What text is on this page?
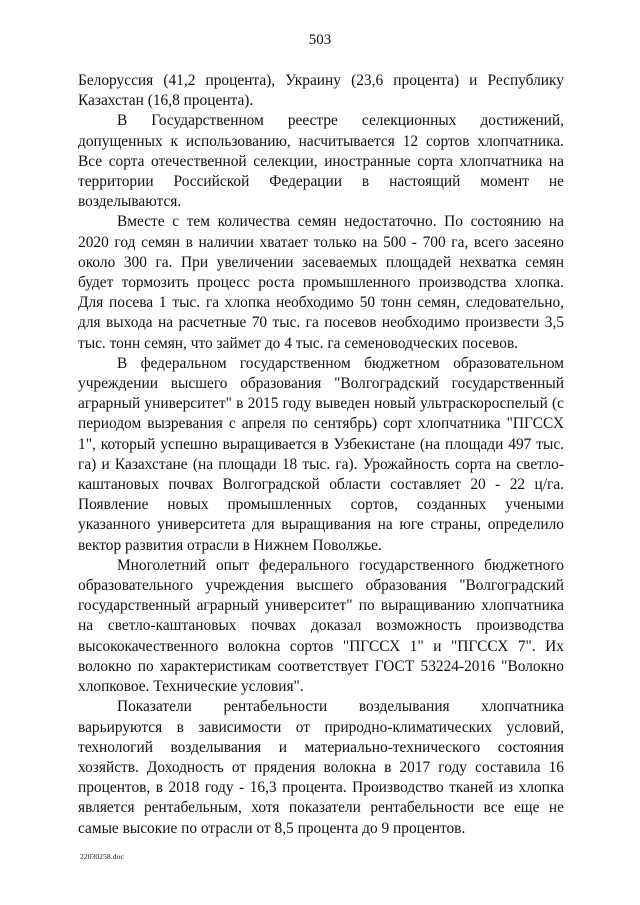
503

Белоруссия (41,2 процента), Украину (23,6 процента) и Республику Казахстан (16,8 процента).

В Государственном реестре селекционных достижений, допущенных к использованию, насчитывается 12 сортов хлопчатника. Все сорта отечественной селекции, иностранные сорта хлопчатника на территории Российской Федерации в настоящий момент не возделываются.

Вместе с тем количества семян недостаточно. По состоянию на 2020 год семян в наличии хватает только на 500 - 700 га, всего засеяно около 300 га. При увеличении засеваемых площадей нехватка семян будет тормозить процесс роста промышленного производства хлопка. Для посева 1 тыс. га хлопка необходимо 50 тонн семян, следовательно, для выхода на расчетные 70 тыс. га посевов необходимо произвести 3,5 тыс. тонн семян, что займет до 4 тыс. га семеноводческих посевов.

В федеральном государственном бюджетном образовательном учреждении высшего образования "Волгоградский государственный аграрный университет" в 2015 году выведен новый ультраскороспелый (с периодом вызревания с апреля по сентябрь) сорт хлопчатника "ПГССХ 1", который успешно выращивается в Узбекистане (на площади 497 тыс. га) и Казахстане (на площади 18 тыс. га). Урожайность сорта на светло-каштановых почвах Волгоградской области составляет 20 - 22 ц/га. Появление новых промышленных сортов, созданных учеными указанного университета для выращивания на юге страны, определило вектор развития отрасли в Нижнем Поволжье.

Многолетний опыт федерального государственного бюджетного образовательного учреждения высшего образования "Волгоградский государственный аграрный университет" по выращиванию хлопчатника на светло-каштановых почвах доказал возможность производства высококачественного волокна сортов "ПГССХ 1" и "ПГССХ 7". Их волокно по характеристикам соответствует ГОСТ 53224-2016 "Волокно хлопковое. Технические условия".

Показатели рентабельности возделывания хлопчатника варьируются в зависимости от природно-климатических условий, технологий возделывания и материально-технического состояния хозяйств. Доходность от прядения волокна в 2017 году составила 16 процентов, в 2018 году - 16,3 процента. Производство тканей из хлопка является рентабельным, хотя показатели рентабельности все еще не самые высокие по отрасли от 8,5 процента до 9 процентов.

22030258.doc
